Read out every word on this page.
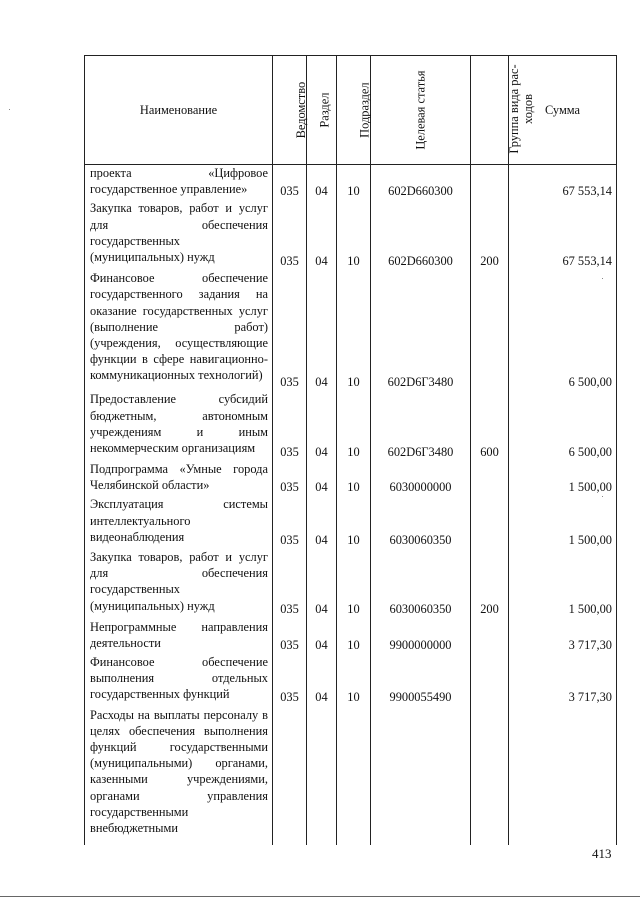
Наименование	Ведомство	Раздел	Подраздел	Целевая статья	Группа вида рас-ходов	Сумма
проекта «Цифровое государственное управление»	035	04	10	602D660300		67 553,14
Закупка товаров, работ и услуг для обеспечения государственных (муниципальных) нужд	035	04	10	602D660300	200	67 553,14
Финансовое обеспечение государственного задания на оказание государственных услуг (выполнение работ) (учреждения, осуществляющие функции в сфере навигационно-коммуникационных технологий)	035	04	10	602D6Г3480		6 500,00
Предоставление субсидий бюджетным, автономным учреждениям и иным некоммерческим организациям	035	04	10	602D6Г3480	600	6 500,00
Подпрограмма «Умные города Челябинской области»	035	04	10	6030000000		1 500,00
Эксплуатация системы интеллектуального видеонаблюдения	035	04	10	6030060350		1 500,00
Закупка товаров, работ и услуг для обеспечения государственных (муниципальных) нужд	035	04	10	6030060350	200	1 500,00
Непрограммные направления деятельности	035	04	10	9900000000		3 717,30
Финансовое обеспечение выполнения отдельных государственных функций	035	04	10	9900055490		3 717,30
Расходы на выплаты персоналу в целях обеспечения выполнения функций государственными (муниципальными) органами, казенными учреждениями, органами управления государственными внебюджетными						
413
